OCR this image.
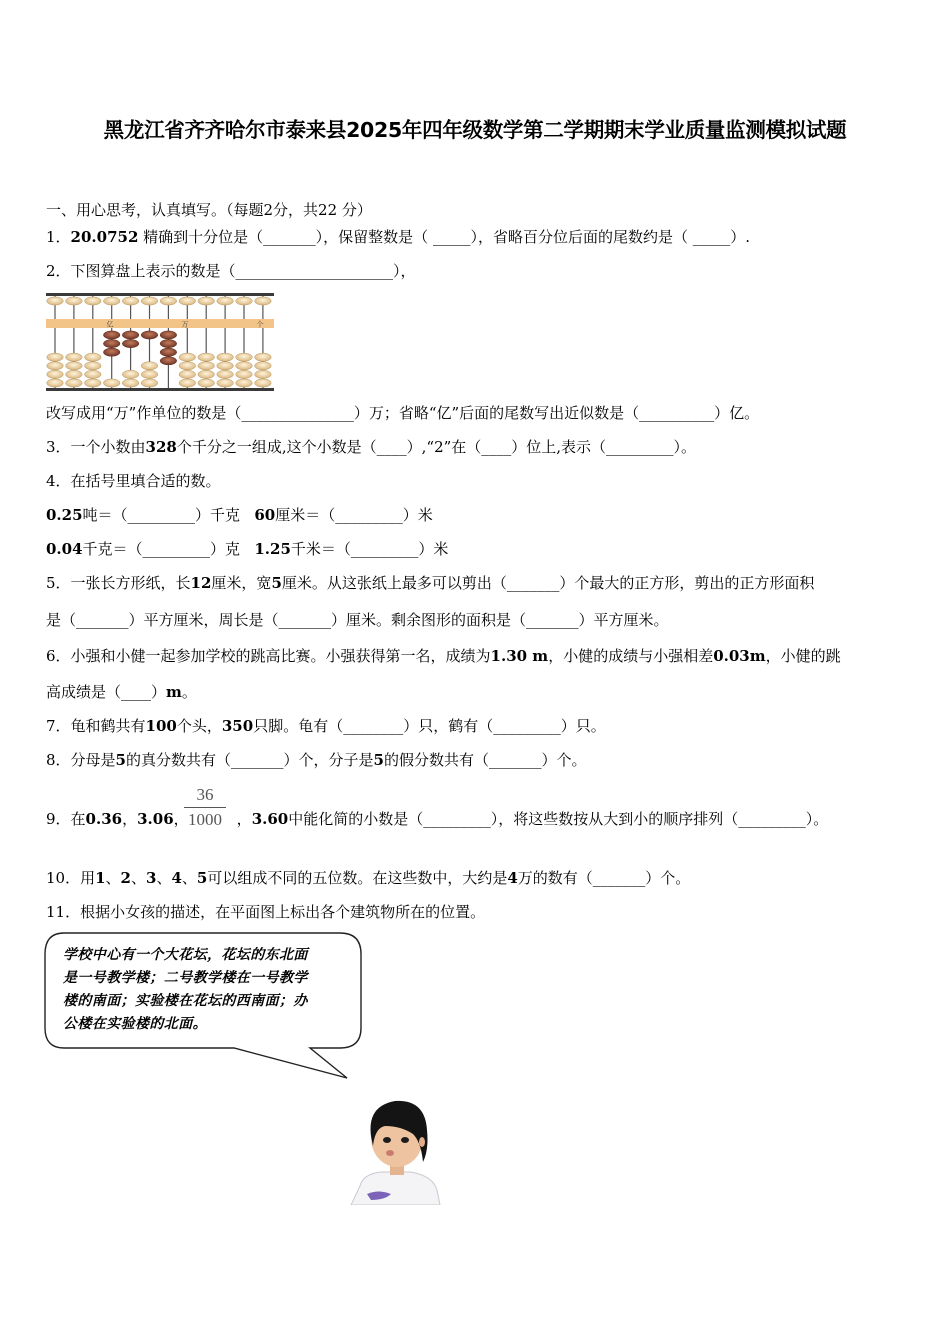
黑龙江省齐齐哈尔市泰来县2025年四年级数学第二学期期末学业质量监测模拟试题
一、用心思考，认真填写。（每题2分，共22 分）
1．20.0752 精确到十分位是（_______），保留整数是（ _____），省略百分位后面的尾数约是（ _____）.
2．下图算盘上表示的数是（_____________________），
亿	万	个
改写成用“万”作单位的数是（_______________）万；省略“亿”后面的尾数写出近似数是（__________）亿。
3．一个小数由328个千分之一组成,这个小数是（____）,“2”在（____）位上,表示（_________）。
4．在括号里填合适的数。
0.25吨＝（_________）千克 60厘米＝（_________）米
0.04千克＝（_________）克 1.25千米＝（_________）米
5．一张长方形纸，长12厘米，宽5厘米。从这张纸上最多可以剪出（_______）个最大的正方形，剪出的正方形面积
是（_______）平方厘米，周长是（_______）厘米。剩余图形的面积是（_______）平方厘米。
6．小强和小健一起参加学校的跳高比赛。小强获得第一名，成绩为1.30 m，小健的成绩与小强相差0.03m，小健的跳
高成绩是（____）m。
7．龟和鹤共有100个头，350只脚。龟有（________）只，鹤有（_________）只。
8．分母是5的真分数共有（_______）个，分子是5的假分数共有（_______）个。
9．在0.36，3.06，	，3.60中能化简的小数是（_________），将这些数按从大到小的顺序排列（_________）。
36
1000
10．用1、2、3、4、5可以组成不同的五位数。在这些数中，大约是4万的数有（_______）个。
11．根据小女孩的描述，在平面图上标出各个建筑物所在的位置。
学校中心有一个大花坛，花坛的东北面
是一号教学楼；二号教学楼在一号教学
楼的南面；实验楼在花坛的西南面；办
公楼在实验楼的北面。
